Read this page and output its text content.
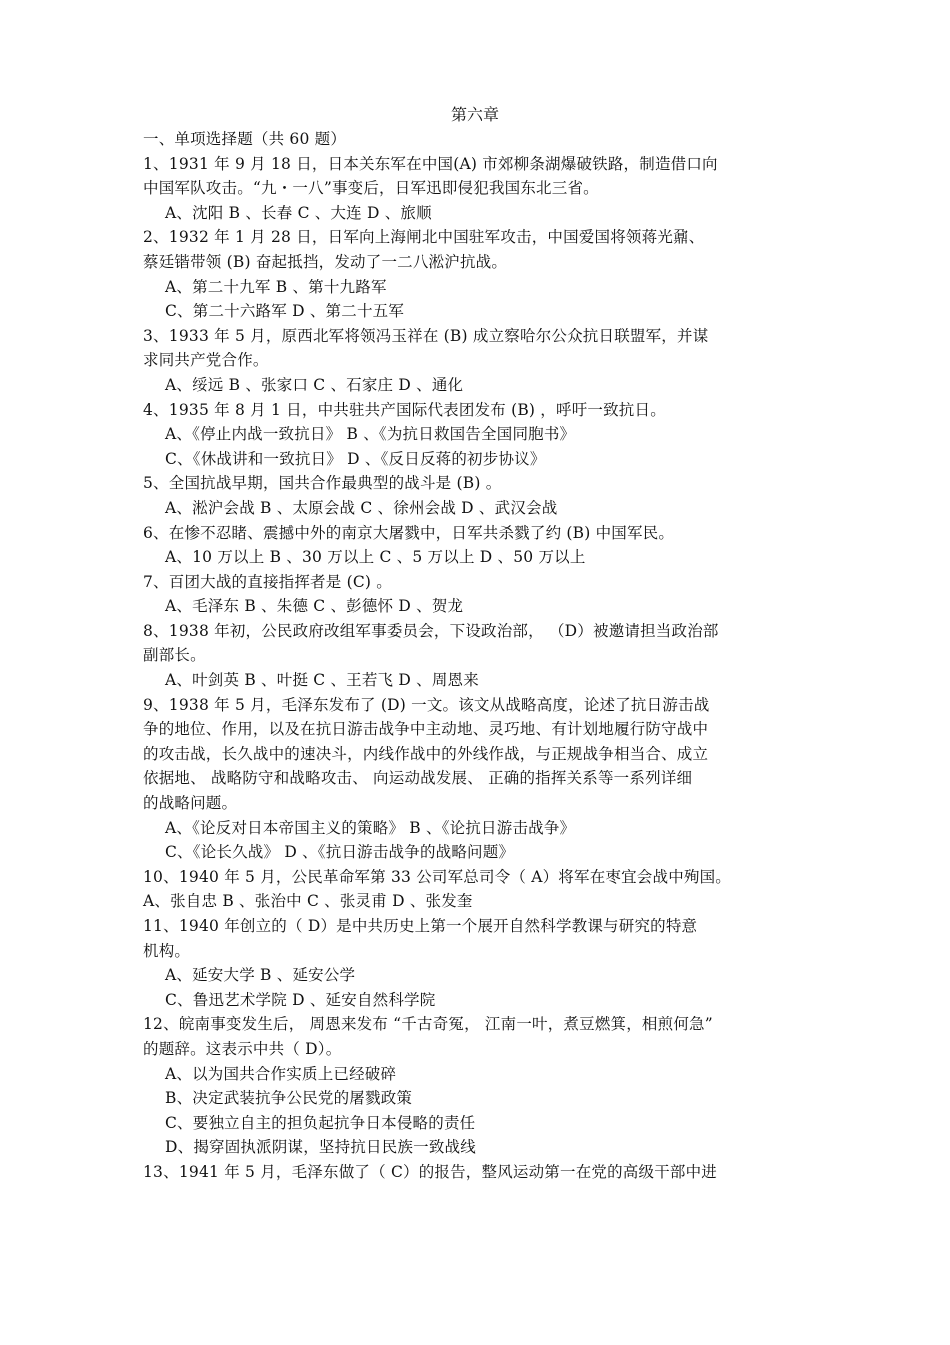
第六章
一、单项选择题（共 60 题）
1、1931 年 9 月 18 日，日本关东军在中国(A) 市郊柳条湖爆破铁路，制造借口向
中国军队攻击。“九・一八”事变后，日军迅即侵犯我国东北三省。
A、沈阳 B 、长春 C 、大连 D 、旅顺
2、1932 年 1 月 28 日，日军向上海闸北中国驻军攻击，中国爱国将领蒋光鼐、
蔡廷锴带领 (B) 奋起抵挡，发动了一二八淞沪抗战。
A、第二十九军 B 、第十九路军
C、第二十六路军 D 、第二十五军
3、1933 年 5 月，原西北军将领冯玉祥在 (B) 成立察哈尔公众抗日联盟军，并谋
求同共产党合作。
A、绥远 B 、张家口 C 、石家庄 D 、通化
4、1935 年 8 月 1 日，中共驻共产国际代表团发布 (B) ，呼吁一致抗日。
A、《停止内战一致抗日》 B 、《为抗日救国告全国同胞书》
C、《休战讲和一致抗日》 D 、《反日反蒋的初步协议》
5、全国抗战早期，国共合作最典型的战斗是 (B) 。
A、淞沪会战 B 、太原会战 C 、徐州会战 D 、武汉会战
6、在惨不忍睹、震撼中外的南京大屠戮中，日军共杀戮了约 (B) 中国军民。
A、10 万以上 B 、30 万以上 C 、5 万以上 D 、50 万以上
7、百团大战的直接指挥者是 (C) 。
A、毛泽东 B 、朱德 C 、彭德怀 D 、贺龙
8、1938 年初，公民政府改组军事委员会，下设政治部， （D）被邀请担当政治部
副部长。
A、叶剑英 B 、叶挺 C 、王若飞 D 、周恩来
9、1938 年 5 月，毛泽东发布了 (D) 一文。该文从战略高度，论述了抗日游击战
争的地位、作用，以及在抗日游击战争中主动地、灵巧地、有计划地履行防守战中
的攻击战，长久战中的速决斗，内线作战中的外线作战，与正规战争相当合、成立
依据地、 战略防守和战略攻击、 向运动战发展、 正确的指挥关系等一系列详细
的战略问题。
A、《论反对日本帝国主义的策略》 B 、《论抗日游击战争》
C、《论长久战》 D 、《抗日游击战争的战略问题》
10、1940 年 5 月，公民革命军第 33 公司军总司令（ A）将军在枣宜会战中殉国。
A、张自忠 B 、张治中 C 、张灵甫 D 、张发奎
11、1940 年创立的（ D）是中共历史上第一个展开自然科学教课与研究的特意
机构。
A、延安大学 B 、延安公学
C、鲁迅艺术学院 D 、延安自然科学院
12、皖南事变发生后， 周恩来发布 “千古奇冤， 江南一叶，煮豆燃箕，相煎何急”
的题辞。这表示中共（ D）。
A、以为国共合作实质上已经破碎
B、决定武装抗争公民党的屠戮政策
C、要独立自主的担负起抗争日本侵略的责任
D、揭穿固执派阴谋，坚持抗日民族一致战线
13、1941 年 5 月，毛泽东做了（ C）的报告，整风运动第一在党的高级干部中进
